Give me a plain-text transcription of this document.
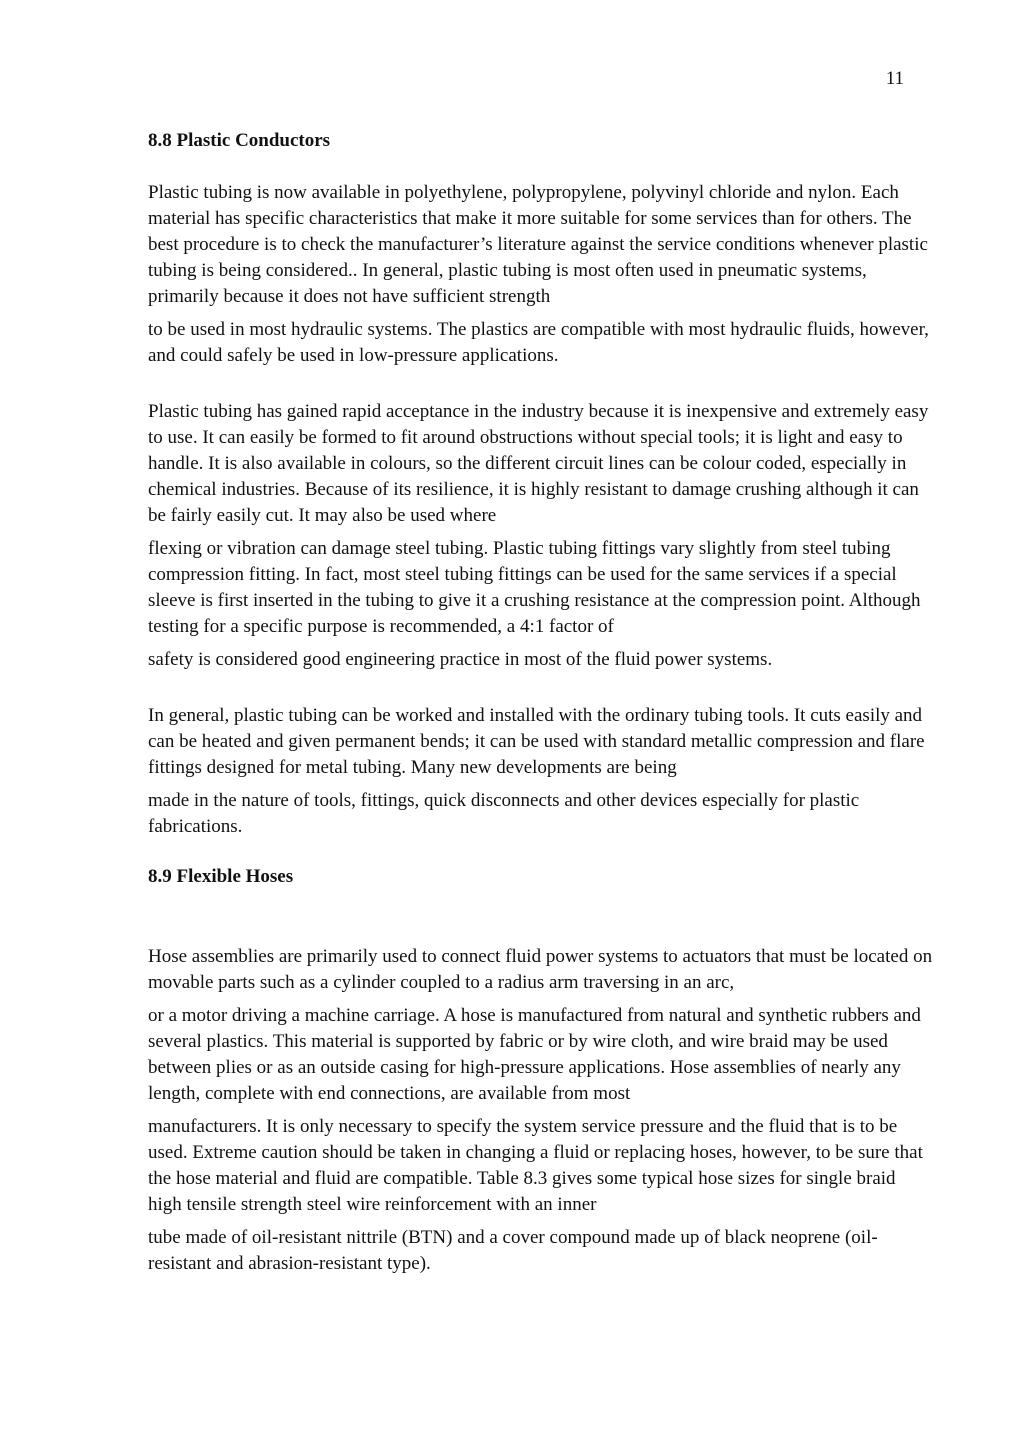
11
8.8 Plastic Conductors

Plastic tubing is now available in polyethylene, polypropylene, polyvinyl chloride and nylon. Each material has specific characteristics that make it more suitable for some services than for others. The best procedure is to check the manufacturer’s literature against the service conditions whenever plastic tubing is being considered.. In general, plastic tubing is most often used in pneumatic systems, primarily because it does not have sufficient strength

to be used in most hydraulic systems. The plastics are compatible with most hydraulic fluids, however, and could safely be used in low-pressure applications.

Plastic tubing has gained rapid acceptance in the industry because it is inexpensive and extremely easy to use. It can easily be formed to fit around obstructions without special tools; it is light and easy to handle. It is also available in colours, so the different circuit lines can be colour coded, especially in chemical industries. Because of its resilience, it is highly resistant to damage crushing although it can be fairly easily cut. It may also be used where

flexing or vibration can damage steel tubing. Plastic tubing fittings vary slightly from steel tubing compression fitting. In fact, most steel tubing fittings can be used for the same services if a special sleeve is first inserted in the tubing to give it a crushing resistance at the compression point. Although testing for a specific purpose is recommended, a 4:1 factor of

safety is considered good engineering practice in most of the fluid power systems.

In general, plastic tubing can be worked and installed with the ordinary tubing tools. It cuts easily and can be heated and given permanent bends; it can be used with standard metallic compression and flare fittings designed for metal tubing. Many new developments are being

made in the nature of tools, fittings, quick disconnects and other devices especially for plastic fabrications.

8.9 Flexible Hoses

Hose assemblies are primarily used to connect fluid power systems to actuators that must be located on movable parts such as a cylinder coupled to a radius arm traversing in an arc,

or a motor driving a machine carriage. A hose is manufactured from natural and synthetic rubbers and several plastics. This material is supported by fabric or by wire cloth, and wire braid may be used between plies or as an outside casing for high-pressure applications. Hose assemblies of nearly any length, complete with end connections, are available from most

manufacturers. It is only necessary to specify the system service pressure and the fluid that is to be used. Extreme caution should be taken in changing a fluid or replacing hoses, however, to be sure that the hose material and fluid are compatible. Table 8.3 gives some typical hose sizes for single braid high tensile strength steel wire reinforcement with an inner

tube made of oil-resistant nittrile (BTN) and a cover compound made up of black neoprene (oil-resistant and abrasion-resistant type).
